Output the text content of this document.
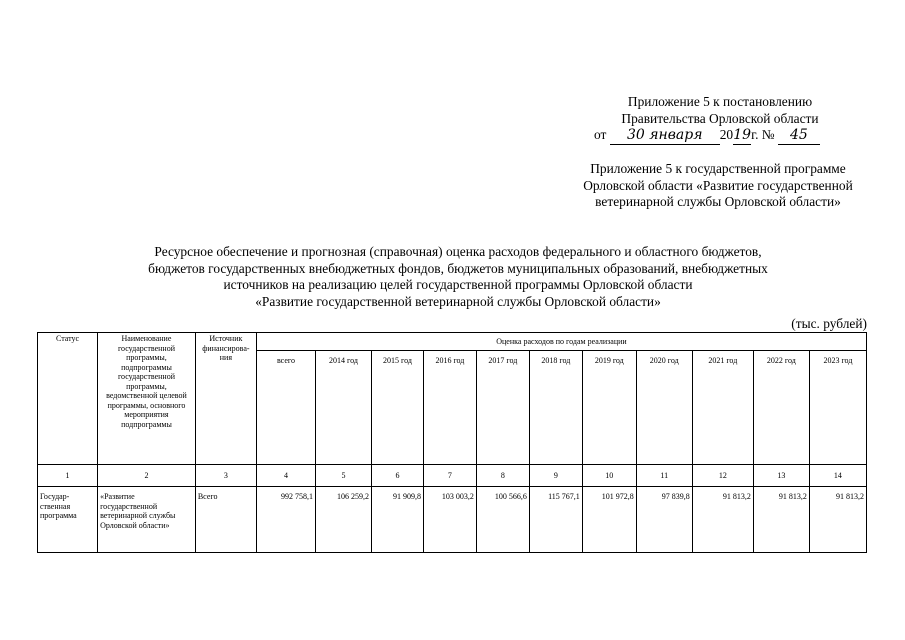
Приложение 5 к постановлению
Правительства Орловской области
от 30 января 2019г. № 45
Приложение 5 к государственной программе
Орловской области «Развитие государственной
ветеринарной службы Орловской области»
Ресурсное обеспечение и прогнозная (справочная) оценка расходов федерального и областного бюджетов,
бюджетов государственных внебюджетных фондов, бюджетов муниципальных образований, внебюджетных
источников на реализацию целей государственной программы Орловской области
«Развитие государственной ветеринарной службы Орловской области»
(тыс. рублей)
Статус	Наименование государственной программы, подпрограммы государственной программы, ведомственной целевой программы, основного мероприятия подпрограммы	Источник финансирова-ния	Оценка расходов по годам реализации										
			всего	2014 год	2015 год	2016 год	2017 год	2018 год	2019 год	2020 год	2021 год	2022 год	2023 год
1	2	3	4	5	6	7	8	9	10	11	12	13	14
Государ-ственная программа	«Развитие государственной ветеринарной службы Орловской области»	Всего	992 758,1	106 259,2	91 909,8	103 003,2	100 566,6	115 767,1	101 972,8	97 839,8	91 813,2	91 813,2	91 813,2
